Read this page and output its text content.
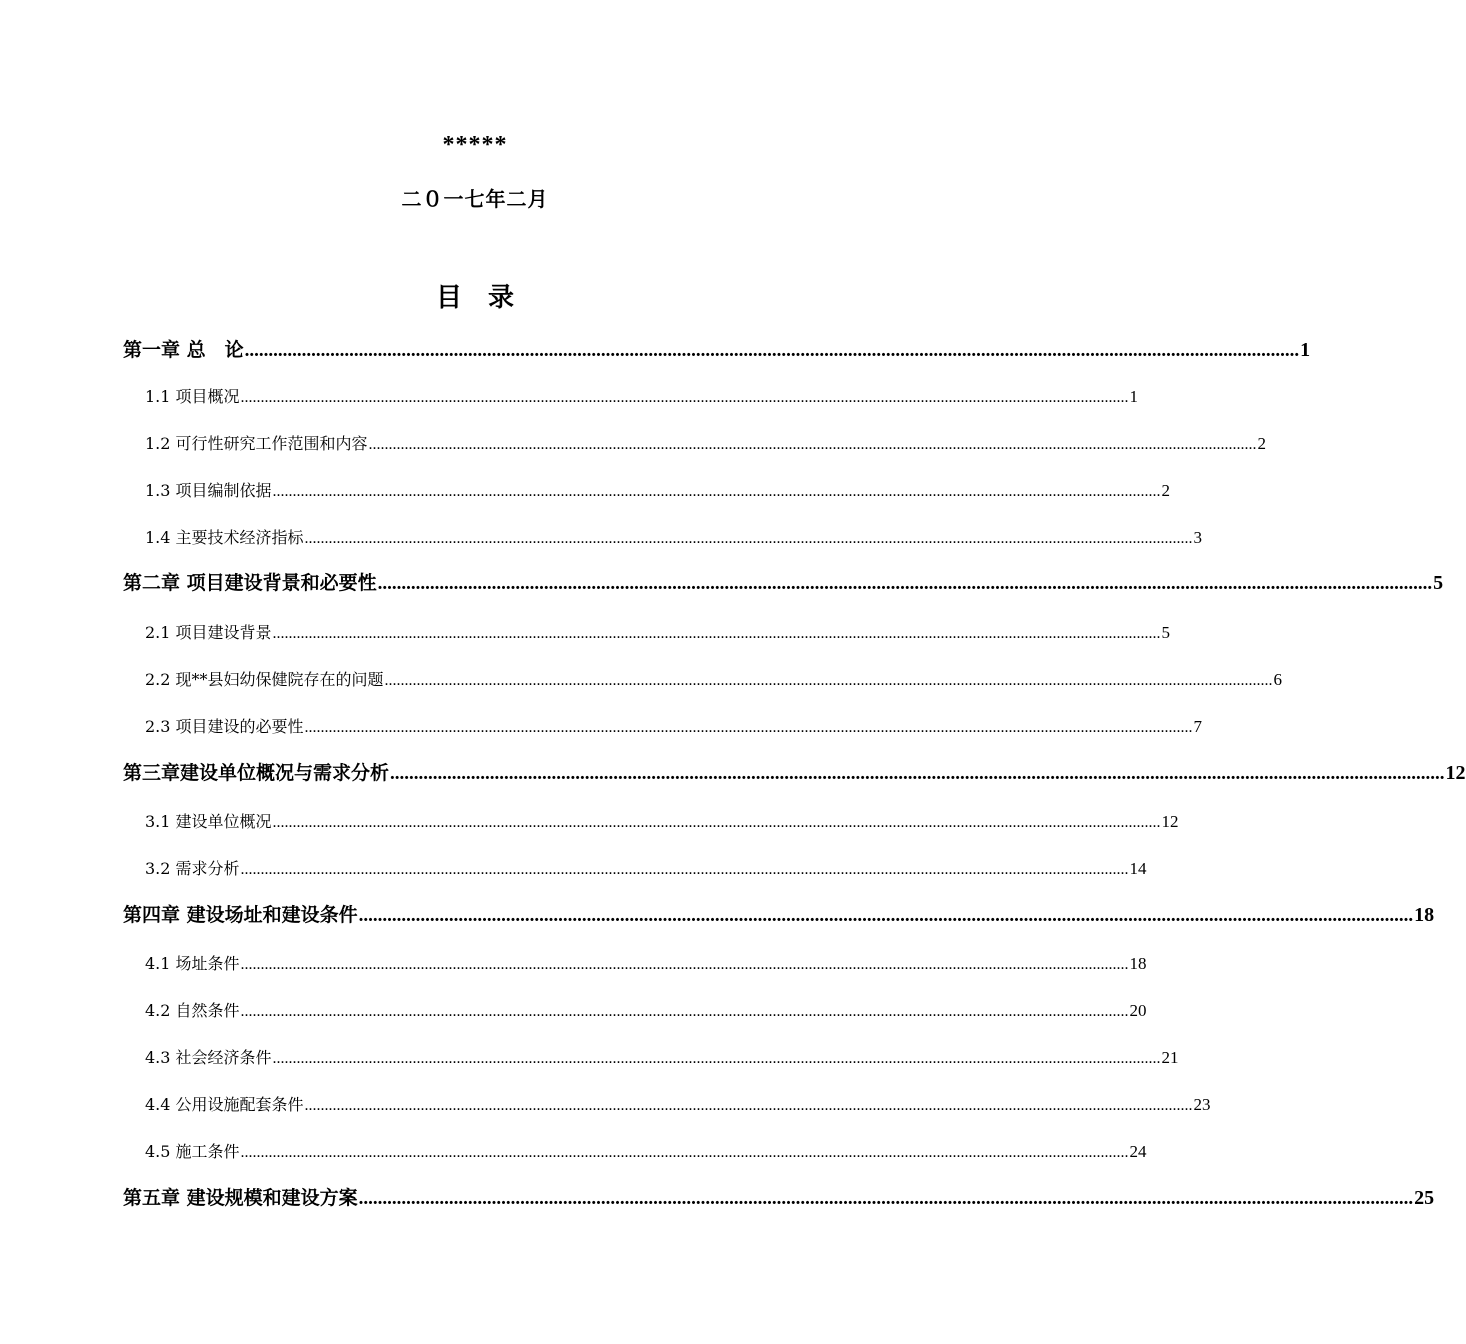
*****
二０一七年二月
目　录
第一章 总　论 .............................................................................................................................................................................................................................. 1
1.1 项目概况 .............................................................................................................................................................................................................................. 1
1.2 可行性研究工作范围和内容 .............................................................................................................................................................................................................................. 2
1.3 项目编制依据 .............................................................................................................................................................................................................................. 2
1.4 主要技术经济指标 .............................................................................................................................................................................................................................. 3
第二章 项目建设背景和必要性 .............................................................................................................................................................................................................................. 5
2.1 项目建设背景 .............................................................................................................................................................................................................................. 5
2.2 现**县妇幼保健院存在的问题 .............................................................................................................................................................................................................................. 6
2.3 项目建设的必要性 .............................................................................................................................................................................................................................. 7
第三章建设单位概况与需求分析 .............................................................................................................................................................................................................................. 12
3.1 建设单位概况 .............................................................................................................................................................................................................................. 12
3.2 需求分析 .............................................................................................................................................................................................................................. 14
第四章 建设场址和建设条件 .............................................................................................................................................................................................................................. 18
4.1 场址条件 .............................................................................................................................................................................................................................. 18
4.2 自然条件 .............................................................................................................................................................................................................................. 20
4.3 社会经济条件 .............................................................................................................................................................................................................................. 21
4.4 公用设施配套条件 .............................................................................................................................................................................................................................. 23
4.5 施工条件 .............................................................................................................................................................................................................................. 24
第五章 建设规模和建设方案 .............................................................................................................................................................................................................................. 25
